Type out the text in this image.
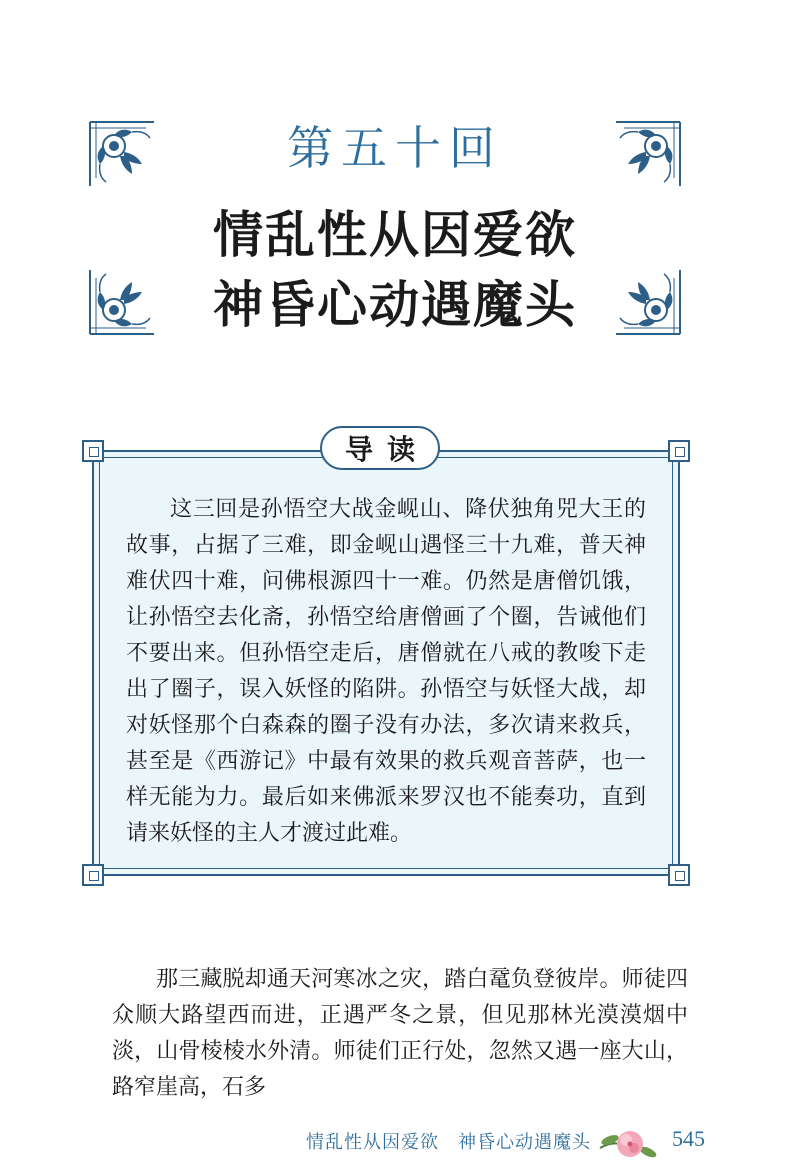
第五十回
情乱性从因爱欲
神昏心动遇魔头
导读

这三回是孙悟空大战金岘山、降伏独角兕大王的故事，占据了三难，即金岘山遇怪三十九难，普天神难伏四十难，问佛根源四十一难。仍然是唐僧饥饿，让孙悟空去化斋，孙悟空给唐僧画了个圈，告诫他们不要出来。但孙悟空走后，唐僧就在八戒的教唆下走出了圈子，误入妖怪的陷阱。孙悟空与妖怪大战，却对妖怪那个白森森的圈子没有办法，多次请来救兵，甚至是《西游记》中最有效果的救兵观音菩萨，也一样无能为力。最后如来佛派来罗汉也不能奏功，直到请来妖怪的主人才渡过此难。

那三藏脱却通天河寒冰之灾，踏白鼋负登彼岸。师徒四众顺大路望西而进，正遇严冬之景，但见那林光漠漠烟中淡，山骨棱棱水外清。师徒们正行处，忽然又遇一座大山，路窄崖高，石多

情乱性从因爱欲　神昏心动遇魔头	545
